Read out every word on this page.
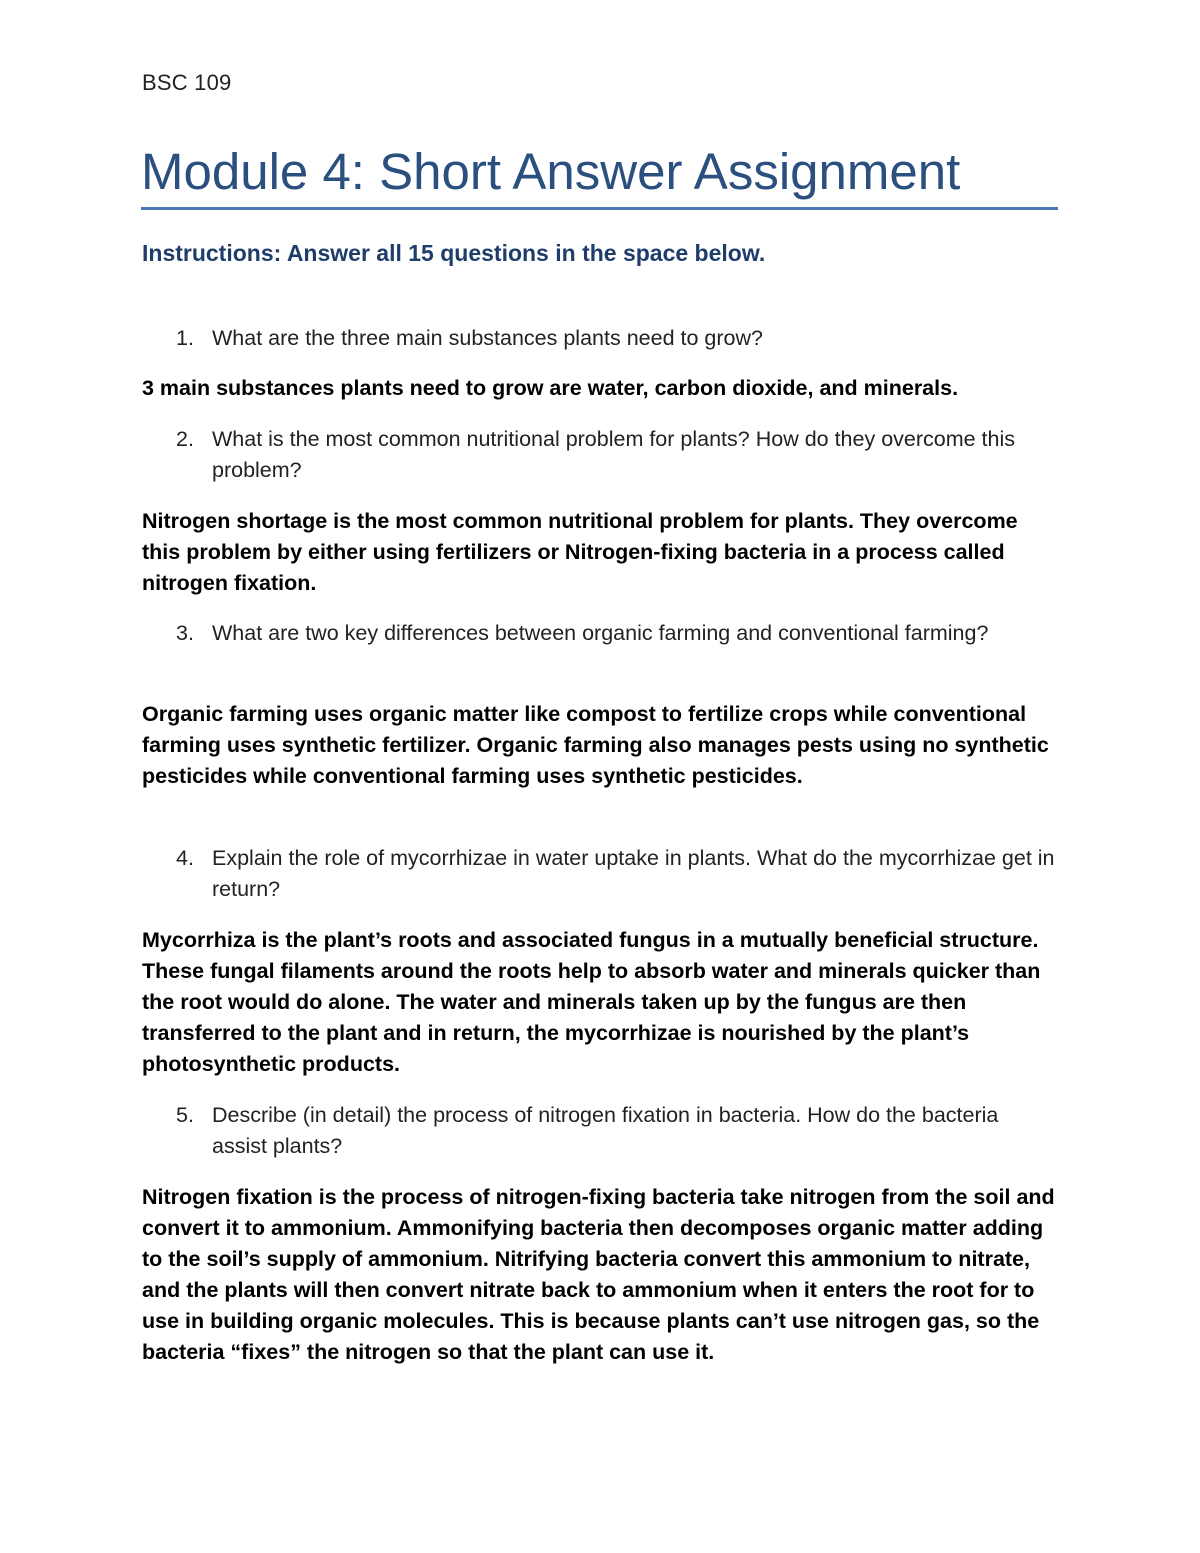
BSC 109
Module 4: Short Answer Assignment
Instructions: Answer all 15 questions in the space below.
1. What are the three main substances plants need to grow?
3 main substances plants need to grow are water, carbon dioxide, and minerals.
2. What is the most common nutritional problem for plants? How do they overcome this problem?
Nitrogen shortage is the most common nutritional problem for plants. They overcome this problem by either using fertilizers or Nitrogen-fixing bacteria in a process called nitrogen fixation.
3. What are two key differences between organic farming and conventional farming?
Organic farming uses organic matter like compost to fertilize crops while conventional farming uses synthetic fertilizer. Organic farming also manages pests using no synthetic pesticides while conventional farming uses synthetic pesticides.
4. Explain the role of mycorrhizae in water uptake in plants. What do the mycorrhizae get in return?
Mycorrhiza is the plant’s roots and associated fungus in a mutually beneficial structure. These fungal filaments around the roots help to absorb water and minerals quicker than the root would do alone. The water and minerals taken up by the fungus are then transferred to the plant and in return, the mycorrhizae is nourished by the plant’s photosynthetic products.
5. Describe (in detail) the process of nitrogen fixation in bacteria. How do the bacteria assist plants?
Nitrogen fixation is the process of nitrogen-fixing bacteria take nitrogen from the soil and convert it to ammonium. Ammonifying bacteria then decomposes organic matter adding to the soil’s supply of ammonium. Nitrifying bacteria convert this ammonium to nitrate, and the plants will then convert nitrate back to ammonium when it enters the root for to use in building organic molecules. This is because plants can’t use nitrogen gas, so the bacteria “fixes” the nitrogen so that the plant can use it.
